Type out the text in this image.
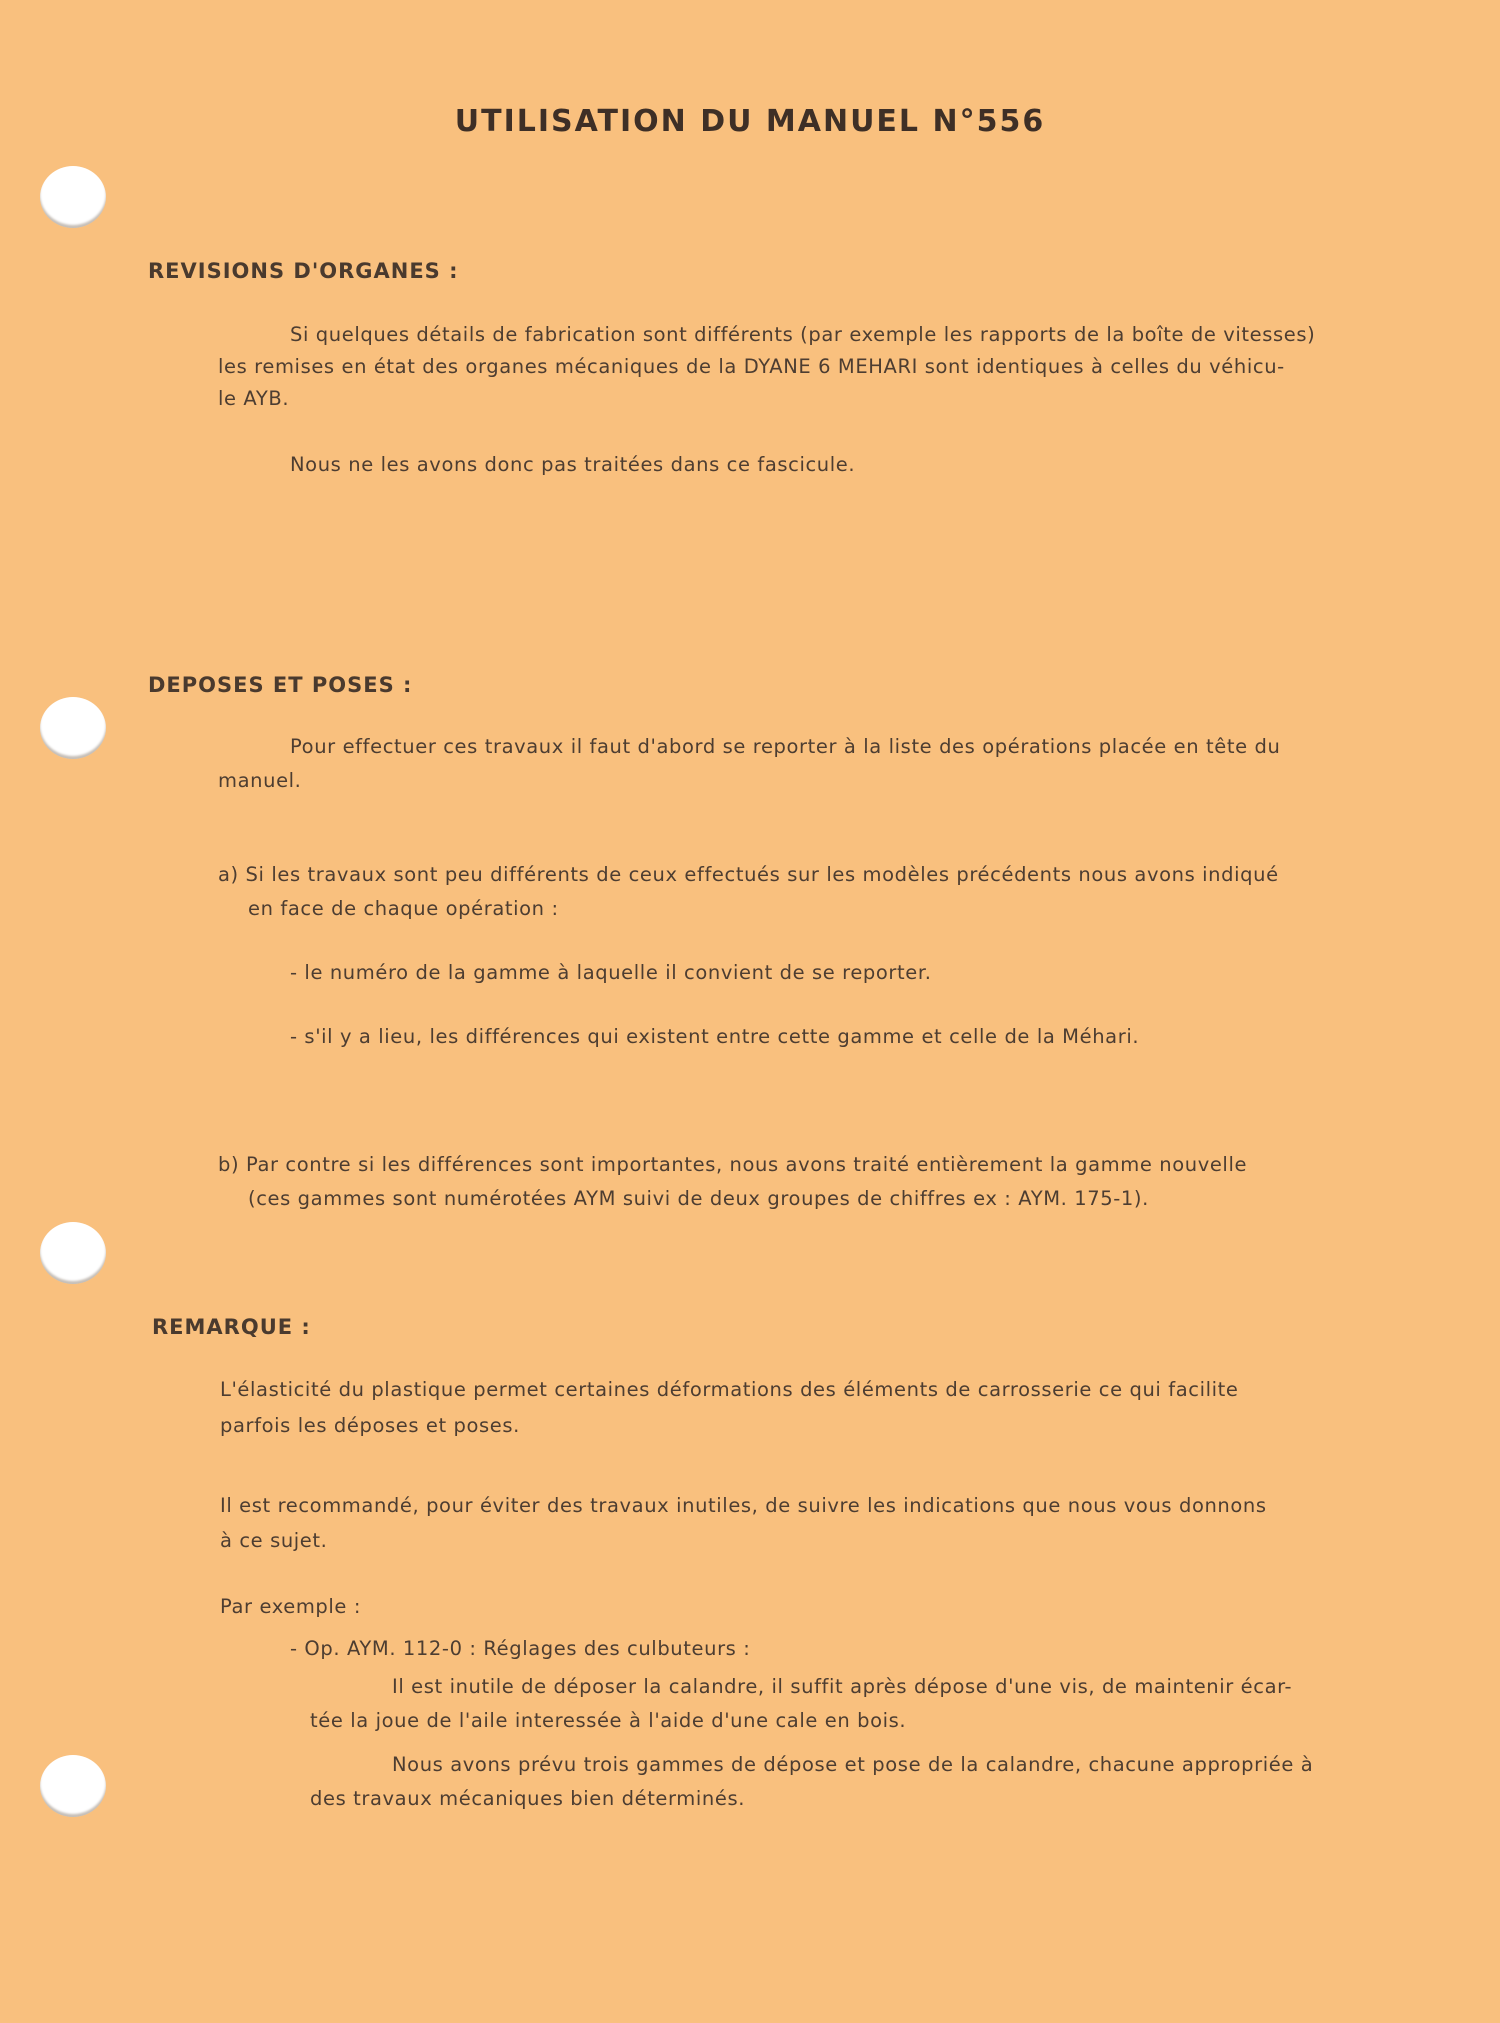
UTILISATION DU MANUEL N°556
REVISIONS D'ORGANES :

Si quelques détails de fabrication sont différents (par exemple les rapports de la boîte de vitesses)

les remises en état des organes mécaniques de la DYANE 6 MEHARI sont identiques à celles du véhicu-

le AYB.

Nous ne les avons donc pas traitées dans ce fascicule.

DEPOSES ET POSES :

Pour effectuer ces travaux il faut d'abord se reporter à la liste des opérations placée en tête du

manuel.

a) Si les travaux sont peu différents de ceux effectués sur les modèles précédents nous avons indiqué

en face de chaque opération :

- le numéro de la gamme à laquelle il convient de se reporter.

- s'il y a lieu, les différences qui existent entre cette gamme et celle de la Méhari.

b) Par contre si les différences sont importantes, nous avons traité entièrement la gamme nouvelle

(ces gammes sont numérotées AYM suivi de deux groupes de chiffres ex : AYM. 175-1).

REMARQUE :

L'élasticité du plastique permet certaines déformations des éléments de carrosserie ce qui facilite

parfois les déposes et poses.

Il est recommandé, pour éviter des travaux inutiles, de suivre les indications que nous vous donnons

à ce sujet.

Par exemple :

- Op. AYM. 112-0 : Réglages des culbuteurs :

Il est inutile de déposer la calandre, il suffit après dépose d'une vis, de maintenir écar-

tée la joue de l'aile interessée à l'aide d'une cale en bois.

Nous avons prévu trois gammes de dépose et pose de la calandre, chacune appropriée à

des travaux mécaniques bien déterminés.
